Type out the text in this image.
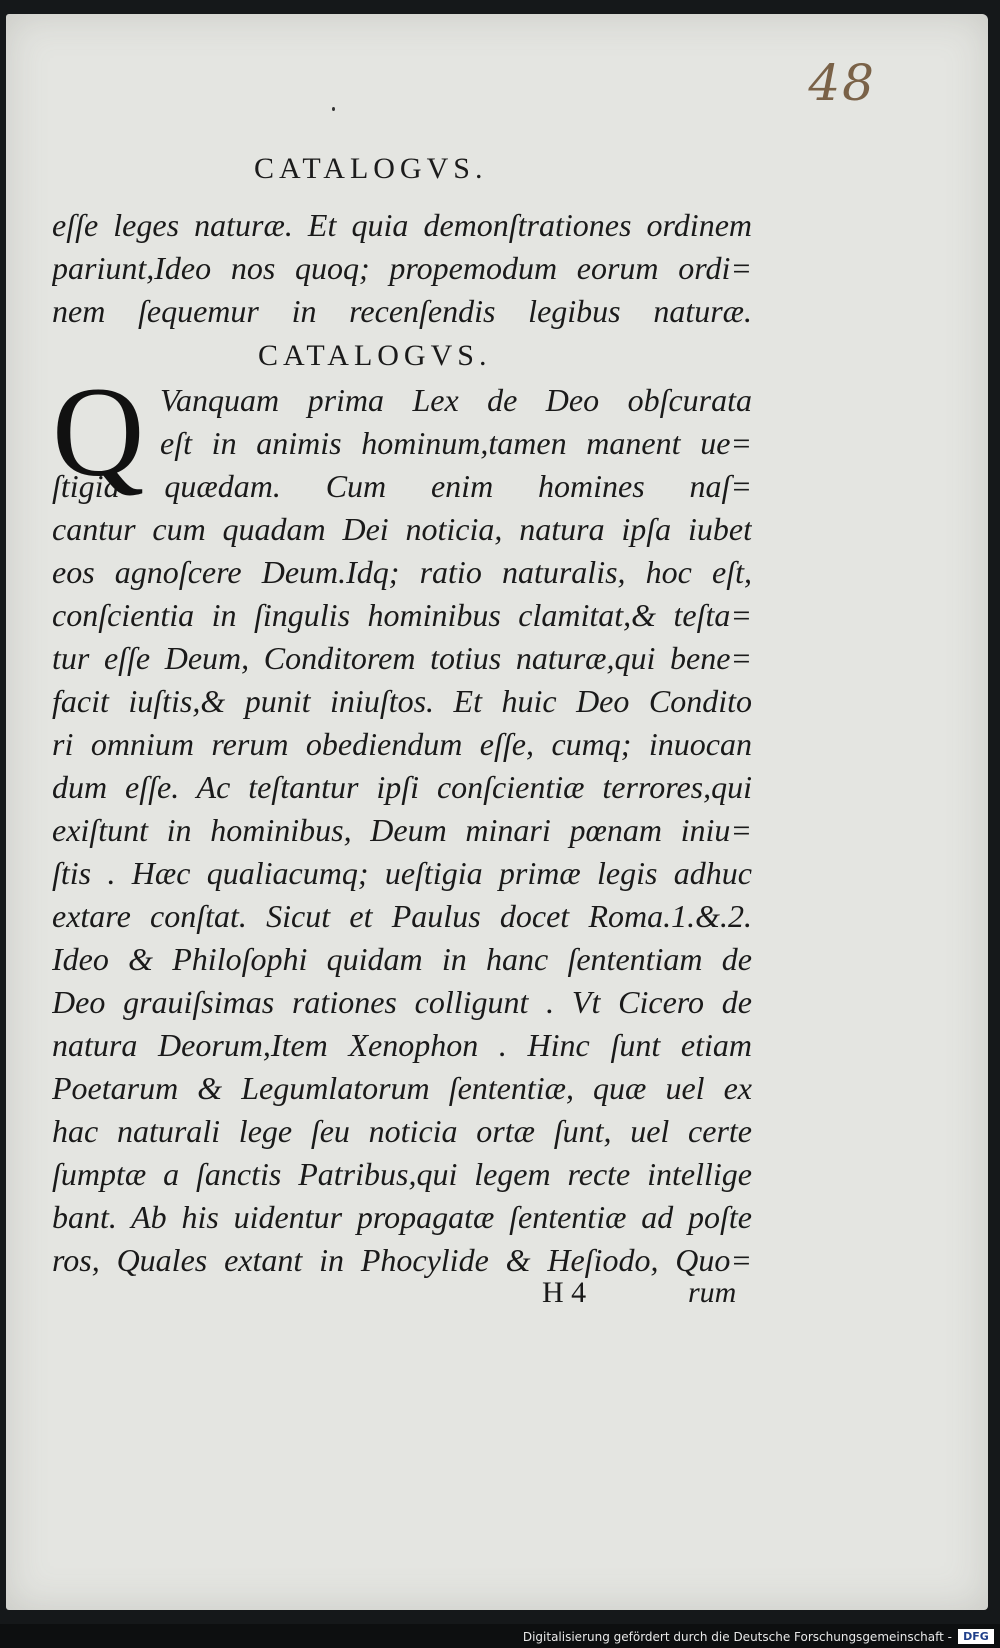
48
CATALOGVS.
eſſe leges naturæ. Et quia demonſtrationes ordinem
pariunt,Ideo nos quoq; propemodum eorum ordi=
nem ſequemur in recenſendis legibus naturæ.
CATALOGVS.
Q Vanquam prima Lex de Deo obſcurata
eſt in animis hominum,tamen manent ue=
ſtigia quædam. Cum enim homines naſ=
cantur cum quadam Dei noticia, natura ipſa iubet
eos agnoſcere Deum.Idq; ratio naturalis, hoc eſt,
conſcientia in ſingulis hominibus clamitat,& teſta=
tur eſſe Deum, Conditorem totius naturæ,qui bene=
facit iuſtis,& punit iniuſtos. Et huic Deo Condito
ri omnium rerum obediendum eſſe, cumq; inuocan
dum eſſe. Ac teſtantur ipſi conſcientiæ terrores,qui
exiſtunt in hominibus, Deum minari pœnam iniu=
ſtis . Hæc qualiacumq; ueſtigia primæ legis adhuc
extare conſtat. Sicut et Paulus docet Roma.1.&.2.
Ideo & Philoſophi quidam in hanc ſententiam de
Deo grauiſsimas rationes colligunt . Vt Cicero de
natura Deorum,Item Xenophon . Hinc ſunt etiam
Poetarum & Legumlatorum ſententiæ, quæ uel ex
hac naturali lege ſeu noticia ortæ ſunt, uel certe
ſumptæ a ſanctis Patribus,qui legem recte intellige
bant. Ab his uidentur propagatæ ſententiæ ad poſte
ros, Quales extant in Phocylide & Heſiodo, Quo=
H 4	rum
Digitalisierung gefördert durch die Deutsche Forschungsgemeinschaft -	DFG
